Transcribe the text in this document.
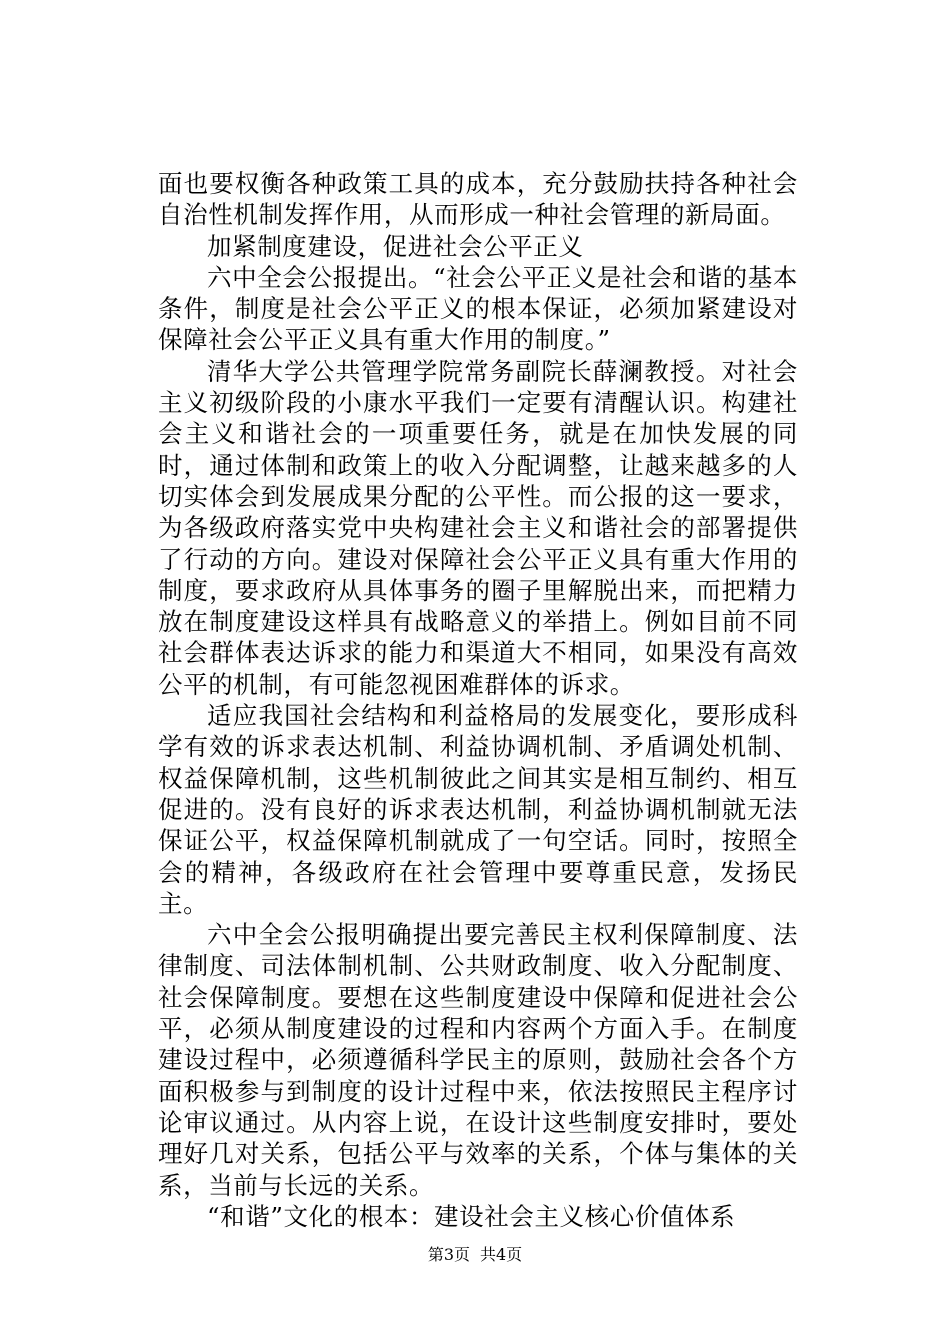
面也要权衡各种政策工具的成本，充分鼓励扶持各种社会自治性机制发挥作用，从而形成一种社会管理的新局面。

加紧制度建设，促进社会公平正义

六中全会公报提出。“社会公平正义是社会和谐的基本条件，制度是社会公平正义的根本保证，必须加紧建设对保障社会公平正义具有重大作用的制度。”

清华大学公共管理学院常务副院长薛澜教授。对社会主义初级阶段的小康水平我们一定要有清醒认识。构建社会主义和谐社会的一项重要任务，就是在加快发展的同时，通过体制和政策上的收入分配调整，让越来越多的人切实体会到发展成果分配的公平性。而公报的这一要求，为各级政府落实党中央构建社会主义和谐社会的部署提供了行动的方向。建设对保障社会公平正义具有重大作用的制度，要求政府从具体事务的圈子里解脱出来，而把精力放在制度建设这样具有战略意义的举措上。例如目前不同社会群体表达诉求的能力和渠道大不相同，如果没有高效公平的机制，有可能忽视困难群体的诉求。

适应我国社会结构和利益格局的发展变化，要形成科学有效的诉求表达机制、利益协调机制、矛盾调处机制、权益保障机制，这些机制彼此之间其实是相互制约、相互促进的。没有良好的诉求表达机制，利益协调机制就无法保证公平，权益保障机制就成了一句空话。同时，按照全会的精神，各级政府在社会管理中要尊重民意，发扬民主。

六中全会公报明确提出要完善民主权利保障制度、法律制度、司法体制机制、公共财政制度、收入分配制度、社会保障制度。要想在这些制度建设中保障和促进社会公平，必须从制度建设的过程和内容两个方面入手。在制度建设过程中，必须遵循科学民主的原则，鼓励社会各个方面积极参与到制度的设计过程中来，依法按照民主程序讨论审议通过。从内容上说，在设计这些制度安排时，要处理好几对关系，包括公平与效率的关系，个体与集体的关系，当前与长远的关系。

“和谐”文化的根本：建设社会主义核心价值体系

第3页 共4页
